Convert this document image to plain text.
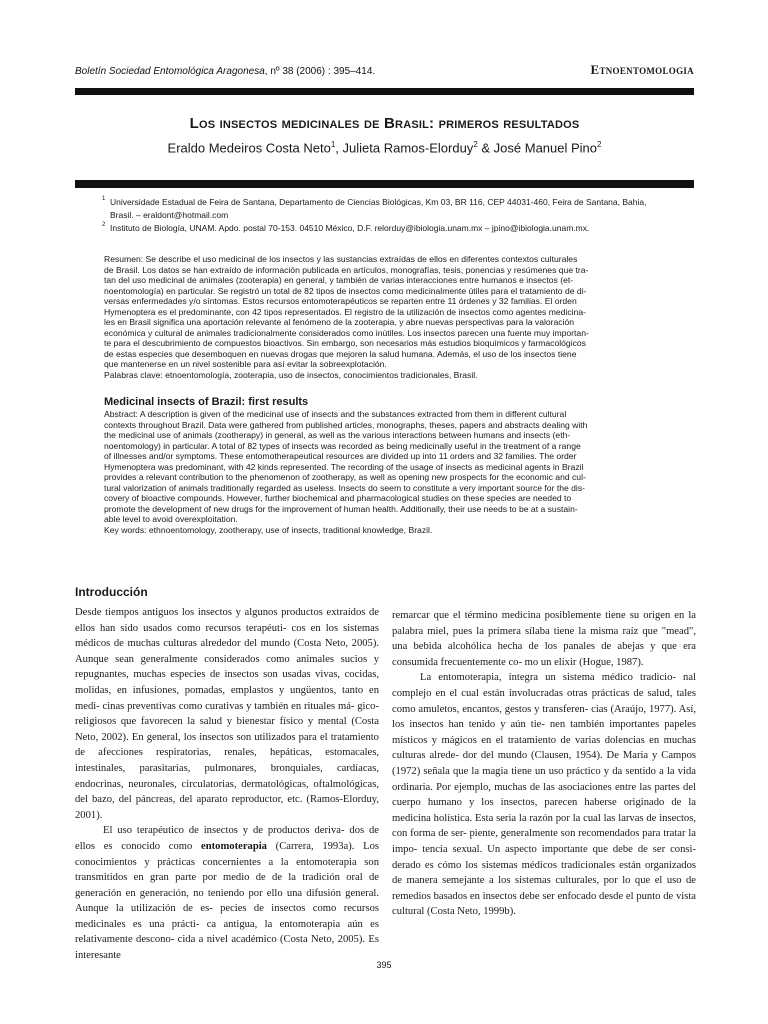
Boletín Sociedad Entomológica Aragonesa, nº 38 (2006) : 395–414.	Etnoentomologia
Los insectos medicinales de Brasil: primeros resultados
Eraldo Medeiros Costa Neto$^1$, Julieta Ramos-Elorduy$^2$ & José Manuel Pino$^2$
1 Universidade Estadual de Feira de Santana, Departamento de Ciencias Biológicas, Km 03, BR 116, CEP 44031-460, Feira de Santana, Bahia, Brasil. – eraldont@hotmail.com
2 Instituto de Biología, UNAM. Apdo. postal 70-153. 04510 México, D.F. relorduy@ibiologia.unam.mx – jpino@ibiologia.unam.mx.
Resumen: Se describe el uso medicinal de los insectos y las sustancias extraídas de ellos en diferentes contextos culturales
de Brasil. Los datos se han extraído de información publicada en artículos, monografías, tesis, ponencias y resúmenes que tra-
tan del uso medicinal de animales (zooterapia) en general, y también de varias interacciones entre humanos e insectos (et-
noentomología) en particular. Se registró un total de 82 tipos de insectos como medicinalmente útiles para el tratamiento de di-
versas enfermedades y/o síntomas. Estos recursos entomoterapéuticos se reparten entre 11 órdenes y 32 familias. El orden
Hymenoptera es el predominante, con 42 tipos representados. El registro de la utilización de insectos como agentes medicina-
les en Brasil significa una aportación relevante al fenómeno de la zooterapia, y abre nuevas perspectivas para la valoración
económica y cultural de animales tradicionalmente considerados como inútiles. Los insectos parecen una fuente muy importan-
te para el descubrimiento de compuestos bioactivos. Sin embargo, son necesarios más estudios bioquímicos y farmacológicos
de estas especies que desemboquen en nuevas drogas que mejoren la salud humana. Además, el uso de los insectos tiene
que mantenerse en un nivel sostenible para así evitar la sobreexplotación.
Palabras clave: etnoentomología, zooterapia, uso de insectos, conocimientos tradicionales, Brasil.
Medicinal insects of Brazil: first results
Abstract: A description is given of the medicinal use of insects and the substances extracted from them in different cultural
contexts throughout Brazil. Data were gathered from published articles, monographs, theses, papers and abstracts dealing with
the medicinal use of animals (zootherapy) in general, as well as the various interactions between humans and insects (eth-
noentomology) in particular. A total of 82 types of insects was recorded as being medicinally useful in the treatment of a range
of illnesses and/or symptoms. These entomotherapeutical resources are divided up into 11 orders and 32 families. The order
Hymenoptera was predominant, with 42 kinds represented. The recording of the usage of insects as medicinal agents in Brazil
provides a relevant contribution to the phenomenon of zootherapy, as well as opening new prospects for the economic and cul-
tural valorization of animals traditionally regarded as useless. Insects do seem to constitute a very important source for the dis-
covery of bioactive compounds. However, further biochemical and pharmacological studies on these species are needed to
promote the development of new drugs for the improvement of human health. Additionally, their use needs to be at a sustain-
able level to avoid overexploitation.
Key words: ethnoentomology, zootherapy, use of insects, traditional knowledge, Brazil.
Introducción

Desde tiempos antiguos los insectos y algunos productos extraídos de ellos han sido usados como recursos terapéuti- cos en los sistemas médicos de muchas culturas alrededor del mundo (Costa Neto, 2005). Aunque sean generalmente considerados como animales sucios y repugnantes, muchas especies de insectos son usadas vivas, cocidas, molidas, en infusiones, pomadas, emplastos y ungüentos, tanto en medi- cinas preventivas como curativas y también en rituales má- gico-religiosos que favorecen la salud y bienestar físico y mental (Costa Neto, 2002). En general, los insectos son utilizados para el tratamiento de afecciones respiratorias, renales, hepáticas, estomacales, intestinales, parasitarias, pulmonares, bronquiales, cardíacas, endocrinas, neuronales, circulatorias, dermatológicas, oftalmológicas, del bazo, del páncreas, del aparato reproductor, etc. (Ramos-Elorduy, 2001).

El uso terapéutico de insectos y de productos deriva- dos de ellos es conocido como entomoterapia (Carrera, 1993a). Los conocimientos y prácticas concernientes a la entomoterapia son transmitidos en gran parte por medio de de la tradición oral de generación en generación, no teniendo por ello una difusión general. Aunque la utilización de es- pecies de insectos como recursos medicinales es una prácti- ca antigua, la entomoterapia aún es relativamente descono- cida a nivel académico (Costa Neto, 2005). Es interesante

remarcar que el término medicina posiblemente tiene su origen en la palabra miel, pues la primera sílaba tiene la misma raíz que "mead", una bebida alcohólica hecha de los panales de abejas y que era consumida frecuentemente co- mo un elixir (Hogue, 1987).

La entomoterapia, integra un sistema médico tradicio- nal complejo en el cual están involucradas otras prácticas de salud, tales como amuletos, encantos, gestos y transferen- cias (Araújo, 1977). Así, los insectos han tenido y aún tie- nen también importantes papeles místicos y mágicos en el tratamiento de varias dolencias en muchas culturas alrede- dor del mundo (Clausen, 1954). De Maria y Campos (1972) señala que la magia tiene un uso práctico y da sentido a la vida ordinaria. Por ejemplo, muchas de las asociaciones entre las partes del cuerpo humano y los insectos, parecen haberse originado de la medicina holística. Esta seria la razón por la cual las larvas de insectos, con forma de ser- piente, generalmente son recomendados para tratar la impo- tencia sexual. Un aspecto importante que debe de ser consi- derado es cómo los sistemas médicos tradicionales están organizados de manera semejante a los sistemas culturales, por lo que el uso de remedios basados en insectos debe ser enfocado desde el punto de vista cultural (Costa Neto, 1999b).

395
